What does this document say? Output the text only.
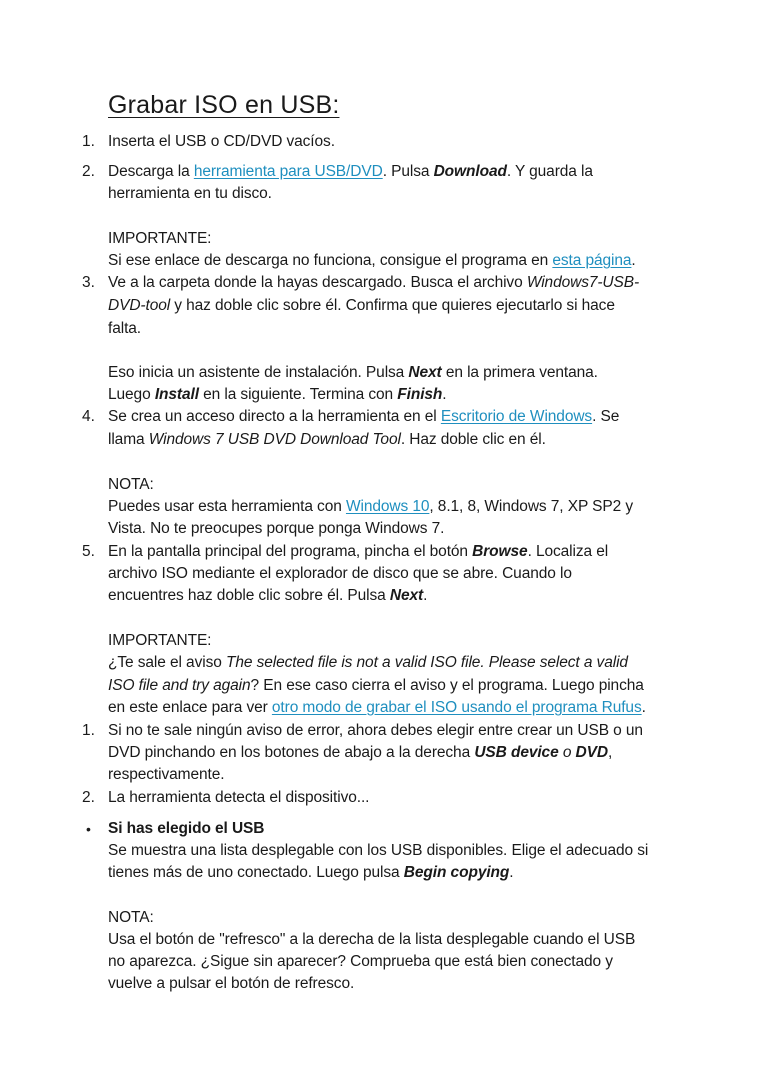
Grabar ISO en USB:
1. Inserta el USB o CD/DVD vacíos.
2. Descarga la herramienta para USB/DVD. Pulsa Download. Y guarda la
herramienta en tu disco.
IMPORTANTE:
Si ese enlace de descarga no funciona, consigue el programa en esta página.
3. Ve a la carpeta donde la hayas descargado. Busca el archivo Windows7-USB-
DVD-tool y haz doble clic sobre él. Confirma que quieres ejecutarlo si hace
falta.
Eso inicia un asistente de instalación. Pulsa Next en la primera ventana.
Luego Install en la siguiente. Termina con Finish.
4. Se crea un acceso directo a la herramienta en el Escritorio de Windows. Se
llama Windows 7 USB DVD Download Tool. Haz doble clic en él.
NOTA:
Puedes usar esta herramienta con Windows 10, 8.1, 8, Windows 7, XP SP2 y
Vista. No te preocupes porque ponga Windows 7.
5. En la pantalla principal del programa, pincha el botón Browse. Localiza el
archivo ISO mediante el explorador de disco que se abre. Cuando lo
encuentres haz doble clic sobre él. Pulsa Next.
IMPORTANTE:
¿Te sale el aviso The selected file is not a valid ISO file. Please select a valid
ISO file and try again? En ese caso cierra el aviso y el programa. Luego pincha
en este enlace para ver otro modo de grabar el ISO usando el programa Rufus.
1. Si no te sale ningún aviso de error, ahora debes elegir entre crear un USB o un
DVD pinchando en los botones de abajo a la derecha USB device o DVD,
respectivamente.
2. La herramienta detecta el dispositivo...
• Si has elegido el USB
Se muestra una lista desplegable con los USB disponibles. Elige el adecuado si
tienes más de uno conectado. Luego pulsa Begin copying.
NOTA:
Usa el botón de "refresco" a la derecha de la lista desplegable cuando el USB
no aparezca. ¿Sigue sin aparecer? Comprueba que está bien conectado y
vuelve a pulsar el botón de refresco.
